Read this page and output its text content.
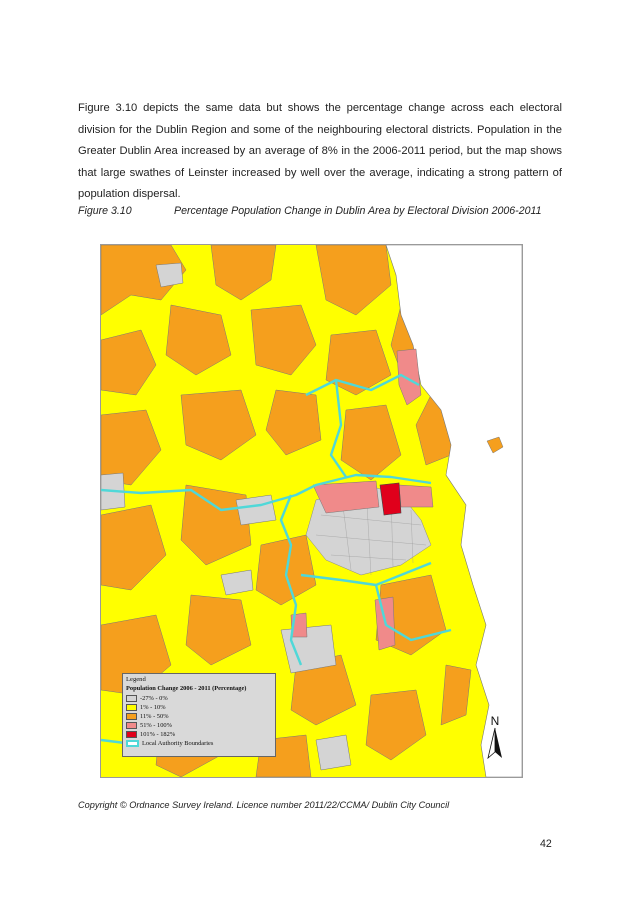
Figure 3.10 depicts the same data but shows the percentage change across each electoral division for the Dublin Region and some of the neighbouring electoral districts. Population in the Greater Dublin Area increased by an average of 8% in the 2006-2011 period, but the map shows that large swathes of Leinster increased by well over the average, indicating a strong pattern of population dispersal.

Figure 3.10	Percentage Population Change in Dublin Area by Electoral Division 2006-2011
Legend
Population Change 2006 - 2011 (Percentage)
-27% - 0%
1% - 10%
11% - 50%
51% - 100%
101% - 182%
Local Authority Boundaries
N
Copyright © Ordnance Survey Ireland. Licence number 2011/22/CCMA/ Dublin City Council
42
